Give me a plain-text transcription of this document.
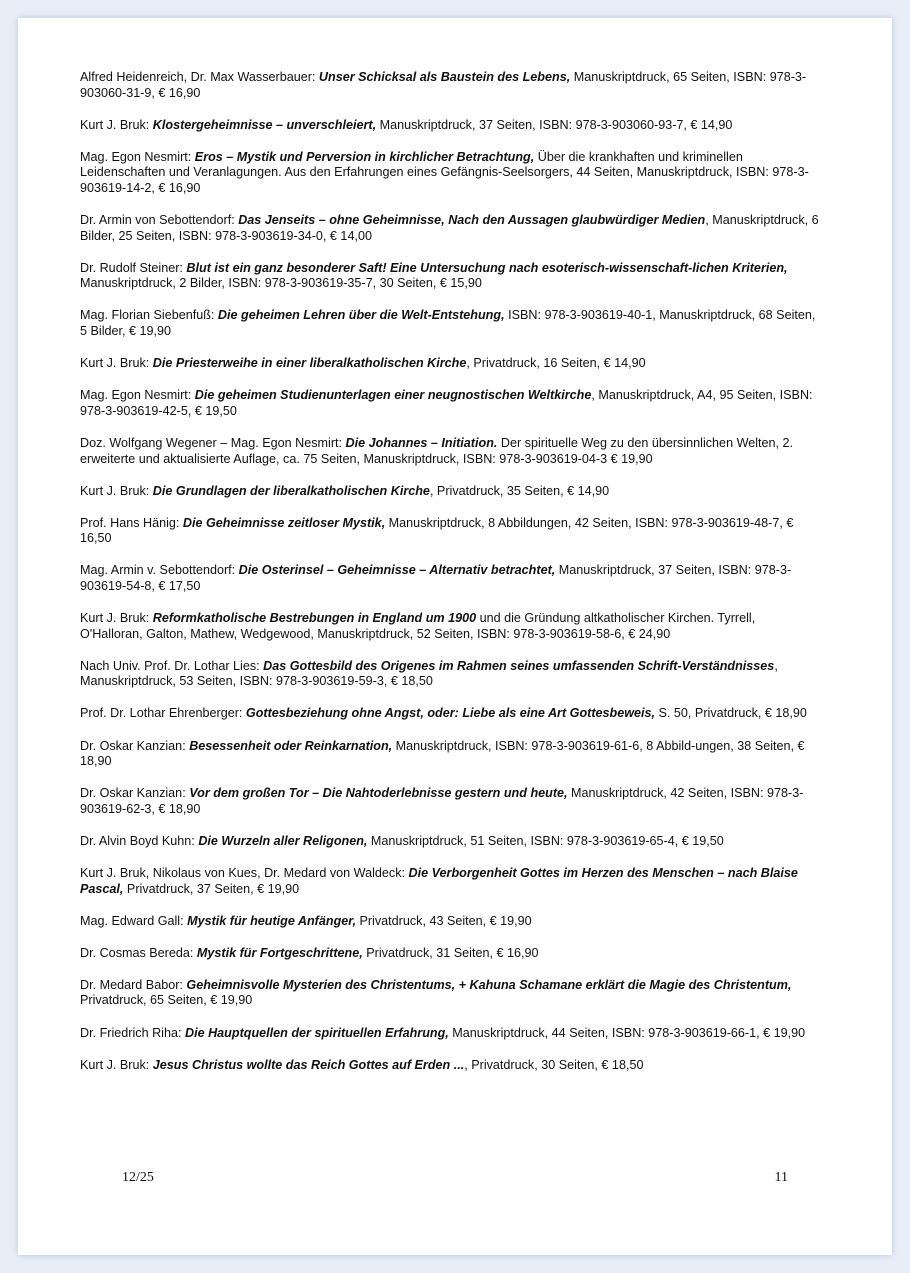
Alfred Heidenreich, Dr. Max Wasserbauer: Unser Schicksal als Baustein des Lebens, Manuskriptdruck, 65 Seiten, ISBN: 978-3-903060-31-9, € 16,90

Kurt J. Bruk: Klostergeheimnisse – unverschleiert, Manuskriptdruck, 37 Seiten, ISBN: 978-3-903060-93-7, € 14,90

Mag. Egon Nesmirt: Eros – Mystik und Perversion in kirchlicher Betrachtung, Über die krankhaften und kriminellen Leidenschaften und Veranlagungen. Aus den Erfahrungen eines Gefängnis-Seelsorgers, 44 Seiten, Manuskriptdruck, ISBN: 978-3-903619-14-2, € 16,90

Dr. Armin von Sebottendorf: Das Jenseits – ohne Geheimnisse, Nach den Aussagen glaubwürdiger Medien, Manuskriptdruck, 6 Bilder, 25 Seiten, ISBN: 978-3-903619-34-0, € 14,00

Dr. Rudolf Steiner: Blut ist ein ganz besonderer Saft! Eine Untersuchung nach esoterisch-wissenschaft-lichen Kriterien, Manuskriptdruck, 2 Bilder, ISBN: 978-3-903619-35-7, 30 Seiten, € 15,90

Mag. Florian Siebenfuß: Die geheimen Lehren über die Welt-Entstehung, ISBN: 978-3-903619-40-1, Manuskriptdruck, 68 Seiten, 5 Bilder, € 19,90

Kurt J. Bruk: Die Priesterweihe in einer liberalkatholischen Kirche, Privatdruck, 16 Seiten, € 14,90

Mag. Egon Nesmirt: Die geheimen Studienunterlagen einer neugnostischen Weltkirche, Manuskriptdruck, A4, 95 Seiten, ISBN: 978-3-903619-42-5, € 19,50

Doz. Wolfgang Wegener – Mag. Egon Nesmirt: Die Johannes – Initiation. Der spirituelle Weg zu den übersinnlichen Welten, 2. erweiterte und aktualisierte Auflage, ca. 75 Seiten, Manuskriptdruck, ISBN: 978-3-903619-04-3 € 19,90

Kurt J. Bruk: Die Grundlagen der liberalkatholischen Kirche, Privatdruck, 35 Seiten, € 14,90

Prof. Hans Hänig: Die Geheimnisse zeitloser Mystik, Manuskriptdruck, 8 Abbildungen, 42 Seiten, ISBN: 978-3-903619-48-7, € 16,50

Mag. Armin v. Sebottendorf: Die Osterinsel – Geheimnisse – Alternativ betrachtet, Manuskriptdruck, 37 Seiten, ISBN: 978-3-903619-54-8, € 17,50

Kurt J. Bruk: Reformkatholische Bestrebungen in England um 1900 und die Gründung altkatholischer Kirchen. Tyrrell, O'Halloran, Galton, Mathew, Wedgewood, Manuskriptdruck, 52 Seiten, ISBN: 978-3-903619-58-6, € 24,90

Nach Univ. Prof. Dr. Lothar Lies: Das Gottesbild des Origenes im Rahmen seines umfassenden Schrift-Verständnisses, Manuskriptdruck, 53 Seiten, ISBN: 978-3-903619-59-3, € 18,50

Prof. Dr. Lothar Ehrenberger: Gottesbeziehung ohne Angst, oder: Liebe als eine Art Gottesbeweis, S. 50, Privatdruck, € 18,90

Dr. Oskar Kanzian: Besessenheit oder Reinkarnation, Manuskriptdruck, ISBN: 978-3-903619-61-6, 8 Abbild-ungen, 38 Seiten, € 18,90

Dr. Oskar Kanzian: Vor dem großen Tor – Die Nahtoderlebnisse gestern und heute, Manuskriptdruck, 42 Seiten, ISBN: 978-3-903619-62-3, € 18,90

Dr. Alvin Boyd Kuhn: Die Wurzeln aller Religonen, Manuskriptdruck, 51 Seiten, ISBN: 978-3-903619-65-4, € 19,50

Kurt J. Bruk, Nikolaus von Kues, Dr. Medard von Waldeck: Die Verborgenheit Gottes im Herzen des Menschen – nach Blaise Pascal, Privatdruck, 37 Seiten, € 19,90

Mag. Edward Gall: Mystik für heutige Anfänger, Privatdruck, 43 Seiten, € 19,90

Dr. Cosmas Bereda: Mystik für Fortgeschrittene, Privatdruck, 31 Seiten, € 16,90

Dr. Medard Babor: Geheimnisvolle Mysterien des Christentums, + Kahuna Schamane erklärt die Magie des Christentum, Privatdruck, 65 Seiten, € 19,90

Dr. Friedrich Riha: Die Hauptquellen der spirituellen Erfahrung, Manuskriptdruck, 44 Seiten, ISBN: 978-3-903619-66-1, € 19,90

Kurt J. Bruk: Jesus Christus wollte das Reich Gottes auf Erden ..., Privatdruck, 30 Seiten, € 18,50

12/25	11
